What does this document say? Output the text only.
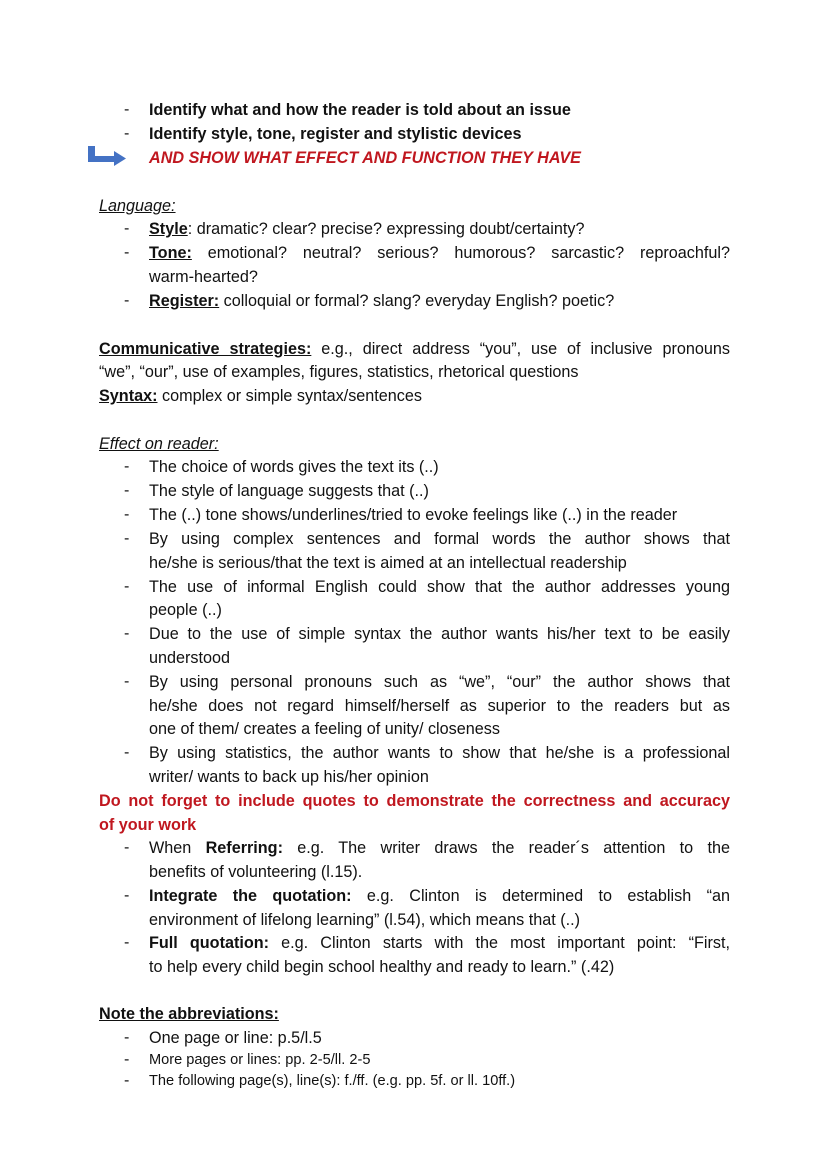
- Identify what and how the reader is told about an issue
- Identify style, tone, register and stylistic devices
AND SHOW WHAT EFFECT AND FUNCTION THEY HAVE
Language:
- Style: dramatic? clear? precise? expressing doubt/certainty?
- Tone: emotional? neutral? serious? humorous? sarcastic? reproachful?
warm-hearted?
- Register: colloquial or formal? slang? everyday English? poetic?
Communicative strategies: e.g., direct address “you”, use of inclusive pronouns
“we”, “our”, use of examples, figures, statistics, rhetorical questions
Syntax: complex or simple syntax/sentences
Effect on reader:
- The choice of words gives the text its (..)
- The style of language suggests that (..)
- The (..) tone shows/underlines/tried to evoke feelings like (..) in the reader
- By using complex sentences and formal words the author shows that
he/she is serious/that the text is aimed at an intellectual readership
- The use of informal English could show that the author addresses young
people (..)
- Due to the use of simple syntax the author wants his/her text to be easily
understood
- By using personal pronouns such as “we”, “our” the author shows that
he/she does not regard himself/herself as superior to the readers but as
one of them/ creates a feeling of unity/ closeness
- By using statistics, the author wants to show that he/she is a professional
writer/ wants to back up his/her opinion
Do not forget to include quotes to demonstrate the correctness and accuracy
of your work
- When Referring: e.g. The writer draws the reader´s attention to the
benefits of volunteering (l.15).
- Integrate the quotation: e.g. Clinton is determined to establish “an
environment of lifelong learning” (l.54), which means that (..)
- Full quotation: e.g. Clinton starts with the most important point: “First,
to help every child begin school healthy and ready to learn.” (.42)
Note the abbreviations:
- One page or line: p.5/l.5
- More pages or lines: pp. 2-5/ll. 2-5
- The following page(s), line(s): f./ff. (e.g. pp. 5f. or ll. 10ff.)
